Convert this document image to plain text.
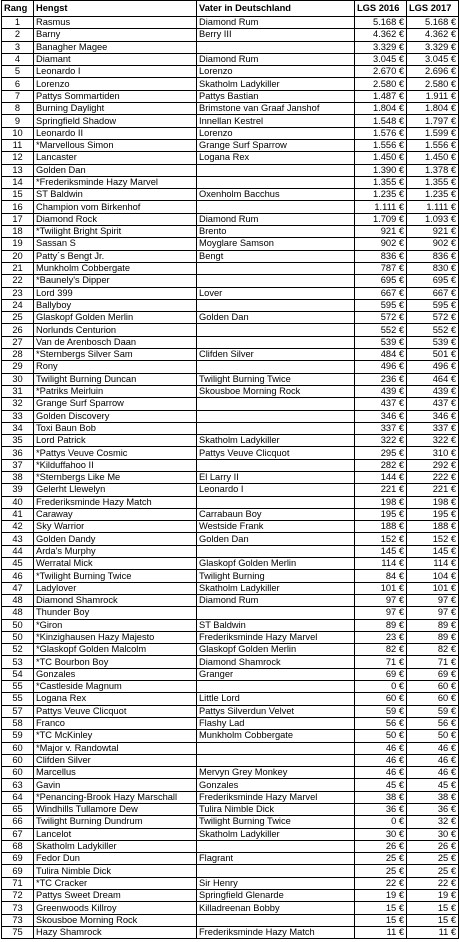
Rang	Hengst	Vater in Deutschland	LGS 2016	LGS 2017
1	Rasmus	Diamond Rum	5.168 €	5.168 €
2	Barny	Berry III	4.362 €	4.362 €
3	Banagher Magee		3.329 €	3.329 €
4	Diamant	Diamond Rum	3.045 €	3.045 €
5	Leonardo I	Lorenzo	2.670 €	2.696 €
6	Lorenzo	Skatholm Ladykiller	2.580 €	2.580 €
7	Pattys Sommartiden	Pattys Bastian	1.487 €	1.911 €
8	Burning Daylight	Brimstone van Graaf Janshof	1.804 €	1.804 €
9	Springfield Shadow	Innellan Kestrel	1.548 €	1.797 €
10	Leonardo II	Lorenzo	1.576 €	1.599 €
11	*Marvellous Simon	Grange Surf Sparrow	1.556 €	1.556 €
12	Lancaster	Logana Rex	1.450 €	1.450 €
13	Golden Dan		1.390 €	1.378 €
14	*Frederiksminde Hazy Marvel		1.355 €	1.355 €
15	ST Baldwin	Oxenholm Bacchus	1.235 €	1.235 €
16	Champion vom Birkenhof		1.111 €	1.111 €
17	Diamond Rock	Diamond Rum	1.709 €	1.093 €
18	*Twilight Bright Spirit	Brento	921 €	921 €
19	Sassan S	Moyglare Samson	902 €	902 €
20	Patty´s Bengt Jr.	Bengt	836 €	836 €
21	Munkholm Cobbergate		787 €	830 €
22	*Baunely's Dipper		695 €	695 €
23	Lord 399	Lover	667 €	667 €
24	Ballyboy		595 €	595 €
25	Glaskopf Golden Merlin	Golden Dan	572 €	572 €
26	Norlunds Centurion		552 €	552 €
27	Van de Arenbosch Daan		539 €	539 €
28	*Sternbergs Silver Sam	Clifden Silver	484 €	501 €
29	Rony		496 €	496 €
30	Twilight Burning Duncan	Twilight Burning Twice	236 €	464 €
31	*Patriks Meirluin	Skousboe Morning Rock	439 €	439 €
32	Grange Surf Sparrow		437 €	437 €
33	Golden Discovery		346 €	346 €
34	Toxi Baun Bob		337 €	337 €
35	Lord Patrick	Skatholm Ladykiller	322 €	322 €
36	*Pattys Veuve Cosmic	Pattys Veuve Clicquot	295 €	310 €
37	*Kilduffahoo II		282 €	292 €
38	*Sternbergs Like Me	El Larry II	144 €	222 €
39	Gelerht Llewelyn	Leonardo I	221 €	221 €
40	Frederiksminde Hazy Match		198 €	198 €
41	Caraway	Carrabaun Boy	195 €	195 €
42	Sky Warrior	Westside Frank	188 €	188 €
43	Golden Dandy	Golden Dan	152 €	152 €
44	Arda's Murphy		145 €	145 €
45	Werratal Mick	Glaskopf Golden Merlin	114 €	114 €
46	*Twilight Burning Twice	Twilight Burning	84 €	104 €
47	Ladylover	Skatholm Ladykiller	101 €	101 €
48	Diamond Shamrock	Diamond Rum	97 €	97 €
48	Thunder Boy		97 €	97 €
50	*Giron	ST Baldwin	89 €	89 €
50	*Kinzighausen Hazy Majesto	Frederiksminde Hazy Marvel	23 €	89 €
52	*Glaskopf Golden Malcolm	Glaskopf Golden Merlin	82 €	82 €
53	*TC Bourbon Boy	Diamond Shamrock	71 €	71 €
54	Gonzales	Granger	69 €	69 €
55	*Castleside Magnum		0 €	60 €
55	Logana Rex	Little Lord	60 €	60 €
57	Pattys Veuve Clicquot	Pattys Silverdun Velvet	59 €	59 €
58	Franco	Flashy Lad	56 €	56 €
59	*TC McKinley	Munkholm Cobbergate	50 €	50 €
60	*Major v. Randowtal		46 €	46 €
60	Clifden Silver		46 €	46 €
60	Marcellus	Mervyn Grey Monkey	46 €	46 €
63	Gavin	Gonzales	45 €	45 €
64	*Penancing-Brook Hazy Marschall	Frederiksminde Hazy Marvel	38 €	38 €
65	Windhills Tullamore Dew	Tulira Nimble Dick	36 €	36 €
66	Twilight Burning Dundrum	Twilight Burning Twice	0 €	32 €
67	Lancelot	Skatholm Ladykiller	30 €	30 €
68	Skatholm Ladykiller		26 €	26 €
69	Fedor Dun	Flagrant	25 €	25 €
69	Tulira Nimble Dick		25 €	25 €
71	*TC Cracker	Sir Henry	22 €	22 €
72	Pattys Sweet Dream	Springfield Glenarde	19 €	19 €
73	Greenwoods Killroy	Killadreenan Bobby	15 €	15 €
73	Skousboe Morning Rock		15 €	15 €
75	Hazy Shamrock	Frederiksminde Hazy Match	11 €	11 €
